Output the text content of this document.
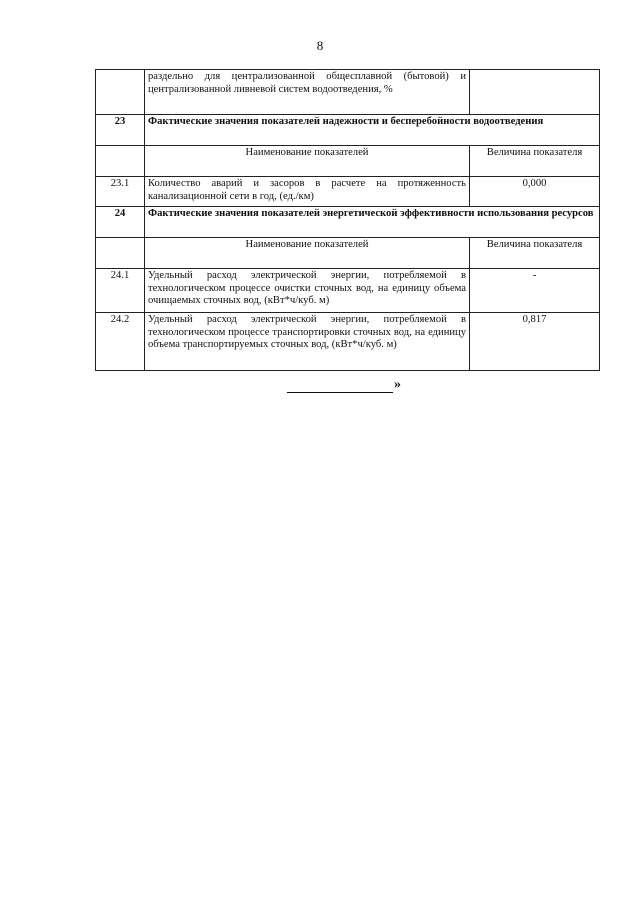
8
	раздельно для централизованной общесплавной (бытовой) и централизованной ливневой систем водоотведения, %	
23	Фактические значения показателей надежности и бесперебойности водоотведения	
	Наименование показателей	Величина показателя
23.1	Количество аварий и засоров в расчете на протяженность канализационной сети в год, (ед./км)	0,000
24	Фактические значения показателей энергетической эффективности использования ресурсов	
	Наименование показателей	Величина показателя
24.1	Удельный расход электрической энергии, потребляемой в технологическом процессе очистки сточных вод, на единицу объема очищаемых сточных вод, (кВт*ч/куб. м)	-
24.2	Удельный расход электрической энергии, потребляемой в технологическом процессе транспортировки сточных вод, на единицу объема транспортируемых сточных вод, (кВт*ч/куб. м)	0,817
»
